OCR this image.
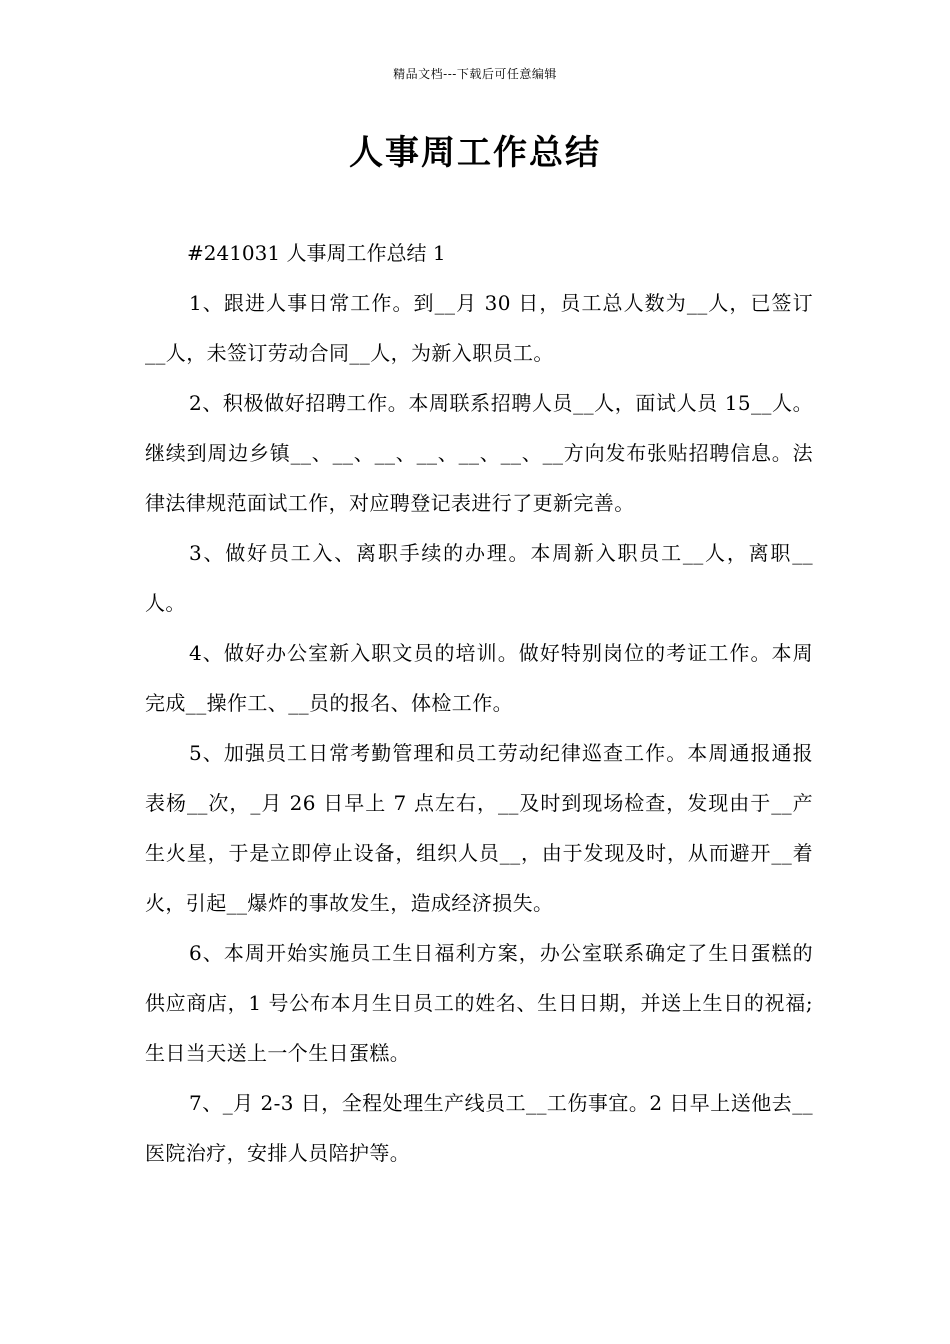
精品文档---下载后可任意编辑
人事周工作总结

#241031 人事周工作总结 1

1、跟进人事日常工作。到__月 30 日，员工总人数为__人，已签订__人，未签订劳动合同__人，为新入职员工。

2、积极做好招聘工作。本周联系招聘人员__人，面试人员 15__人。继续到周边乡镇__、__、__、__、__、__、__方向发布张贴招聘信息。法律法律规范面试工作，对应聘登记表进行了更新完善。

3、做好员工入、离职手续的办理。本周新入职员工__人，离职__人。

4、做好办公室新入职文员的培训。做好特别岗位的考证工作。本周完成__操作工、__员的报名、体检工作。

5、加强员工日常考勤管理和员工劳动纪律巡查工作。本周通报通报表杨__次，_月 26 日早上 7 点左右，__及时到现场检查，发现由于__产生火星，于是立即停止设备，组织人员__，由于发现及时，从而避开__着火，引起__爆炸的事故发生，造成经济损失。

6、本周开始实施员工生日福利方案，办公室联系确定了生日蛋糕的供应商店，1 号公布本月生日员工的姓名、生日日期，并送上生日的祝福;生日当天送上一个生日蛋糕。

7、_月 2-3 日，全程处理生产线员工__工伤事宜。2 日早上送他去__医院治疗，安排人员陪护等。
